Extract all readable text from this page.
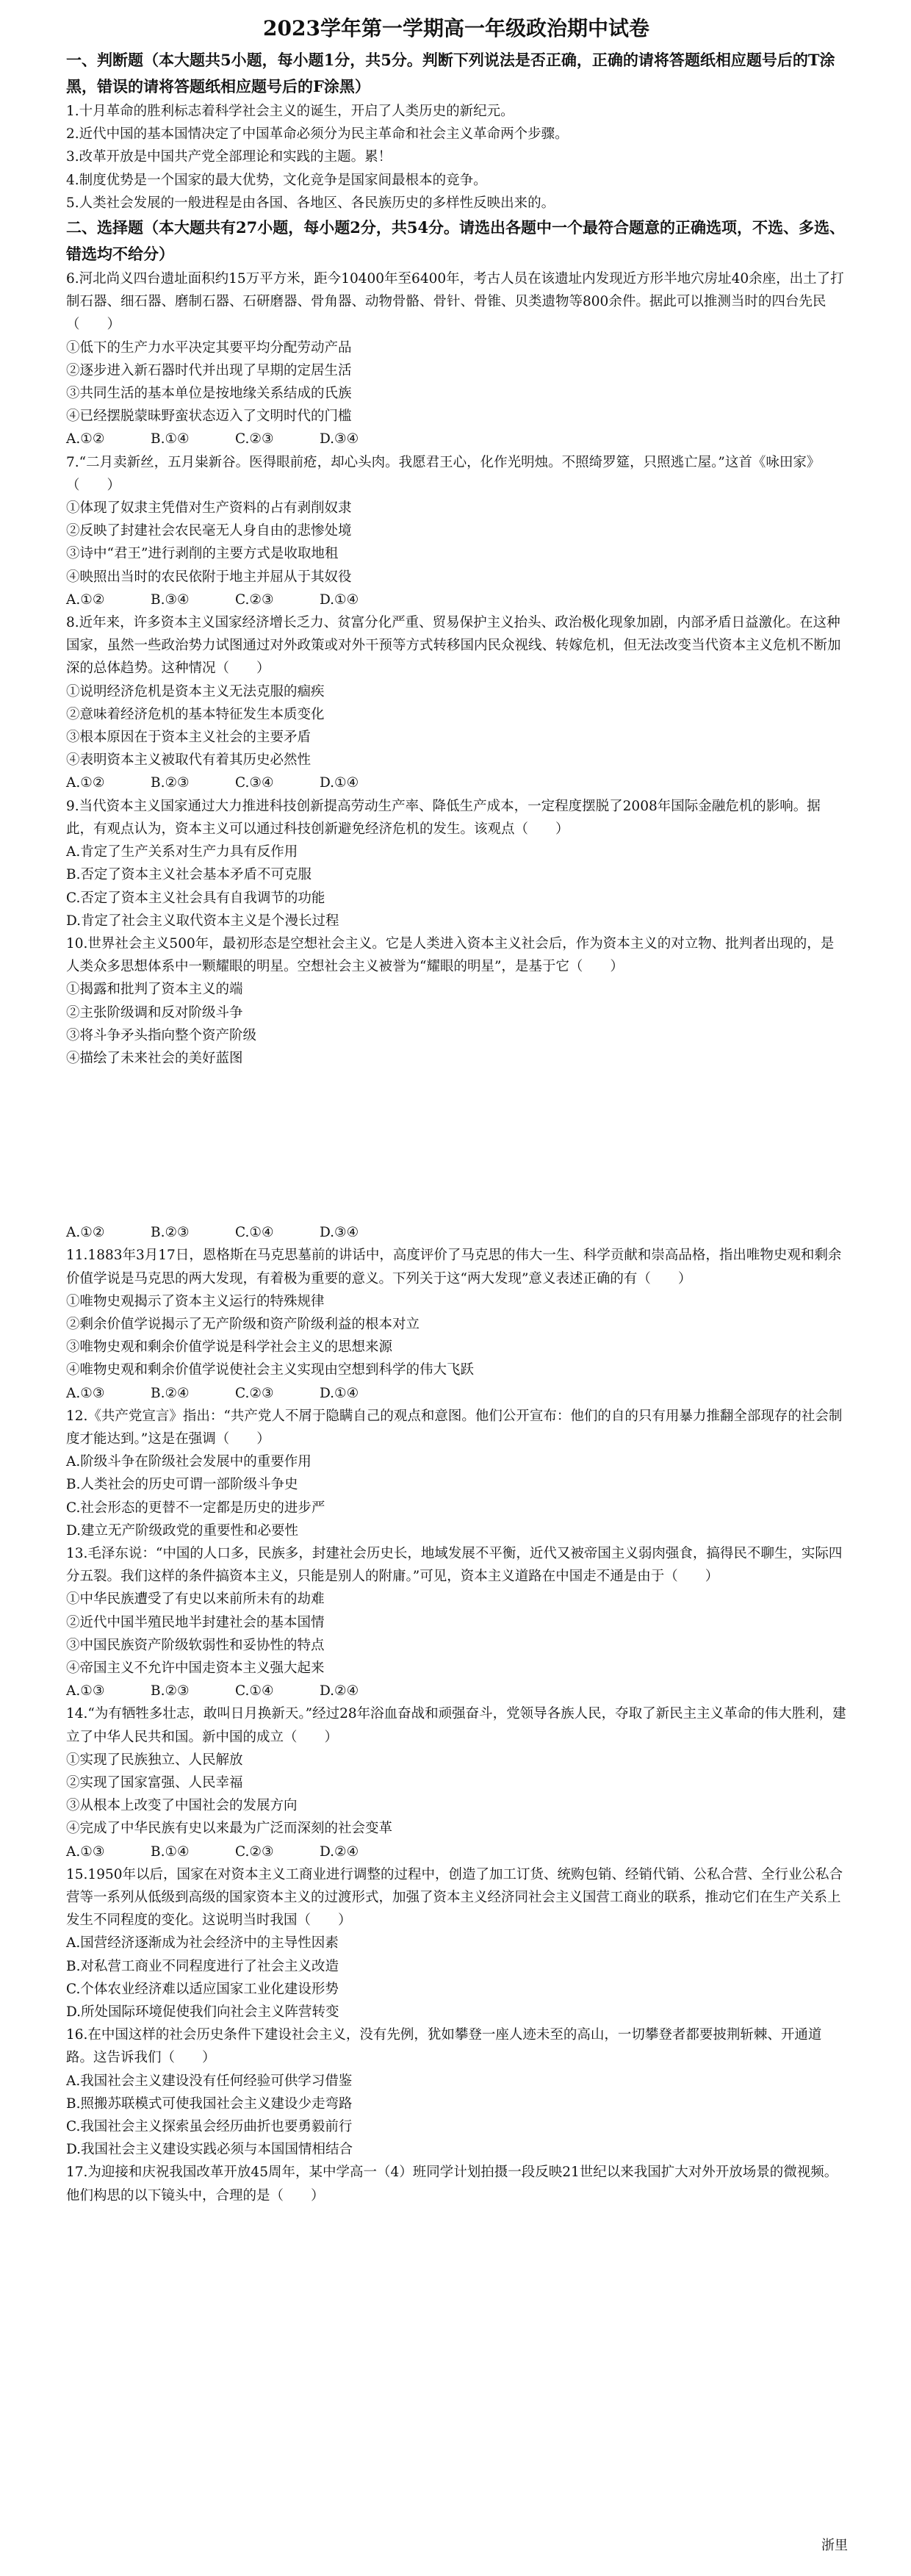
2023学年第一学期高一年级政治期中试卷
一、判断题（本大题共5小题，每小题1分，共5分。判断下列说法是否正确，正确的请将答题纸相应题号后的T涂黑，错误的请将答题纸相应题号后的F涂黑）
1.十月革命的胜利标志着科学社会主义的诞生，开启了人类历史的新纪元。
2.近代中国的基本国情决定了中国革命必须分为民主革命和社会主义革命两个步骤。
3.改革开放是中国共产党全部理论和实践的主题。累！
4.制度优势是一个国家的最大优势，文化竞争是国家间最根本的竞争。
5.人类社会发展的一般进程是由各国、各地区、各民族历史的多样性反映出来的。
二、选择题（本大题共有27小题，每小题2分，共54分。请选出各题中一个最符合题意的正确选项，不选、多选、错选均不给分）
6.河北尚义四台遗址面积约15万平方米，距今10400年至6400年，考古人员在该遗址内发现近方形半地穴房址40余座，出土了打制石器、细石器、磨制石器、石研磨器、骨角器、动物骨骼、骨针、骨锥、贝类遗物等800余件。据此可以推测当时的四台先民（　　）
①低下的生产力水平决定其要平均分配劳动产品
②逐步进入新石器时代并出现了早期的定居生活
③共同生活的基本单位是按地缘关系结成的氏族
④已经摆脱蒙昧野蛮状态迈入了文明时代的门槛
A.①②	B.①④	C.②③	D.③④
7.“二月卖新丝，五月粜新谷。医得眼前疮，却心头肉。我愿君王心，化作光明烛。不照绮罗筵，只照逃亡屋。”这首《咏田家》（　　）
①体现了奴隶主凭借对生产资料的占有剥削奴隶
②反映了封建社会农民毫无人身自由的悲惨处境
③诗中“君王”进行剥削的主要方式是收取地租
④映照出当时的农民依附于地主并屈从于其奴役
A.①②	B.③④	C.②③	D.①④
8.近年来，许多资本主义国家经济增长乏力、贫富分化严重、贸易保护主义抬头、政治极化现象加剧，内部矛盾日益激化。在这种国家，虽然一些政治势力试图通过对外政策或对外干预等方式转移国内民众视线、转嫁危机，但无法改变当代资本主义危机不断加深的总体趋势。这种情况（　　）
①说明经济危机是资本主义无法克服的痼疾
②意味着经济危机的基本特征发生本质变化
③根本原因在于资本主义社会的主要矛盾
④表明资本主义被取代有着其历史必然性
A.①②	B.②③	C.③④	D.①④
9.当代资本主义国家通过大力推进科技创新提高劳动生产率、降低生产成本，一定程度摆脱了2008年国际金融危机的影响。据此，有观点认为，资本主义可以通过科技创新避免经济危机的发生。该观点（　　）
A.肯定了生产关系对生产力具有反作用
B.否定了资本主义社会基本矛盾不可克服
C.否定了资本主义社会具有自我调节的功能
D.肯定了社会主义取代资本主义是个漫长过程
10.世界社会主义500年，最初形态是空想社会主义。它是人类进入资本主义社会后，作为资本主义的对立物、批判者出现的，是人类众多思想体系中一颗耀眼的明星。空想社会主义被誉为“耀眼的明星”，是基于它（　　）
①揭露和批判了资本主义的端
②主张阶级调和反对阶级斗争
③将斗争矛头指向整个资产阶级
④描绘了未来社会的美好蓝图
A.①②	B.②③	C.①④	D.③④
11.1883年3月17日，恩格斯在马克思墓前的讲话中，高度评价了马克思的伟大一生、科学贡献和崇高品格，指出唯物史观和剩余价值学说是马克思的两大发现，有着极为重要的意义。下列关于这“两大发现”意义表述正确的有（　　）
①唯物史观揭示了资本主义运行的特殊规律
②剩余价值学说揭示了无产阶级和资产阶级利益的根本对立
③唯物史观和剩余价值学说是科学社会主义的思想来源
④唯物史观和剩余价值学说使社会主义实现由空想到科学的伟大飞跃
A.①③	B.②④	C.②③	D.①④
12.《共产党宣言》指出：“共产党人不屑于隐瞒自己的观点和意图。他们公开宣布：他们的自的只有用暴力推翻全部现存的社会制度才能达到。”这是在强调（　　）
A.阶级斗争在阶级社会发展中的重要作用
B.人类社会的历史可谓一部阶级斗争史
C.社会形态的更替不一定都是历史的进步严
D.建立无产阶级政党的重要性和必要性
13.毛泽东说：“中国的人口多，民族多，封建社会历史长，地域发展不平衡，近代又被帝国主义弱肉强食，搞得民不聊生，实际四分五裂。我们这样的条件搞资本主义，只能是别人的附庸。”可见，资本主义道路在中国走不通是由于（　　）
①中华民族遭受了有史以来前所未有的劫难
②近代中国半殖民地半封建社会的基本国情
③中国民族资产阶级软弱性和妥协性的特点
④帝国主义不允许中国走资本主义强大起来
A.①③	B.②③	C.①④	D.②④
14.“为有牺牲多壮志，敢叫日月换新天。”经过28年浴血奋战和顽强奋斗，党领导各族人民，夺取了新民主主义革命的伟大胜利，建立了中华人民共和国。新中国的成立（　　）
①实现了民族独立、人民解放
②实现了国家富强、人民幸福
③从根本上改变了中国社会的发展方向
④完成了中华民族有史以来最为广泛而深刻的社会变革
A.①③	B.①④	C.②③	D.②④
15.1950年以后，国家在对资本主义工商业进行调整的过程中，创造了加工订货、统购包销、经销代销、公私合营、全行业公私合营等一系列从低级到高级的国家资本主义的过渡形式，加强了资本主义经济同社会主义国营工商业的联系，推动它们在生产关系上发生不同程度的变化。这说明当时我国（　　）
A.国营经济逐渐成为社会经济中的主导性因素
B.对私营工商业不同程度进行了社会主义改造
C.个体农业经济难以适应国家工业化建设形势
D.所处国际环境促使我们向社会主义阵营转变
16.在中国这样的社会历史条件下建设社会主义，没有先例，犹如攀登一座人迹未至的高山，一切攀登者都要披荆斩棘、开通道路。这告诉我们（　　）
A.我国社会主义建设没有任何经验可供学习借鉴
B.照搬苏联模式可使我国社会主义建设少走弯路
C.我国社会主义探索虽会经历曲折也要勇毅前行
D.我国社会主义建设实践必须与本国国情相结合
17.为迎接和庆祝我国改革开放45周年，某中学高一（4）班同学计划拍摄一段反映21世纪以来我国扩大对外开放场景的微视频。他们构思的以下镜头中，合理的是（　　）
浙里
